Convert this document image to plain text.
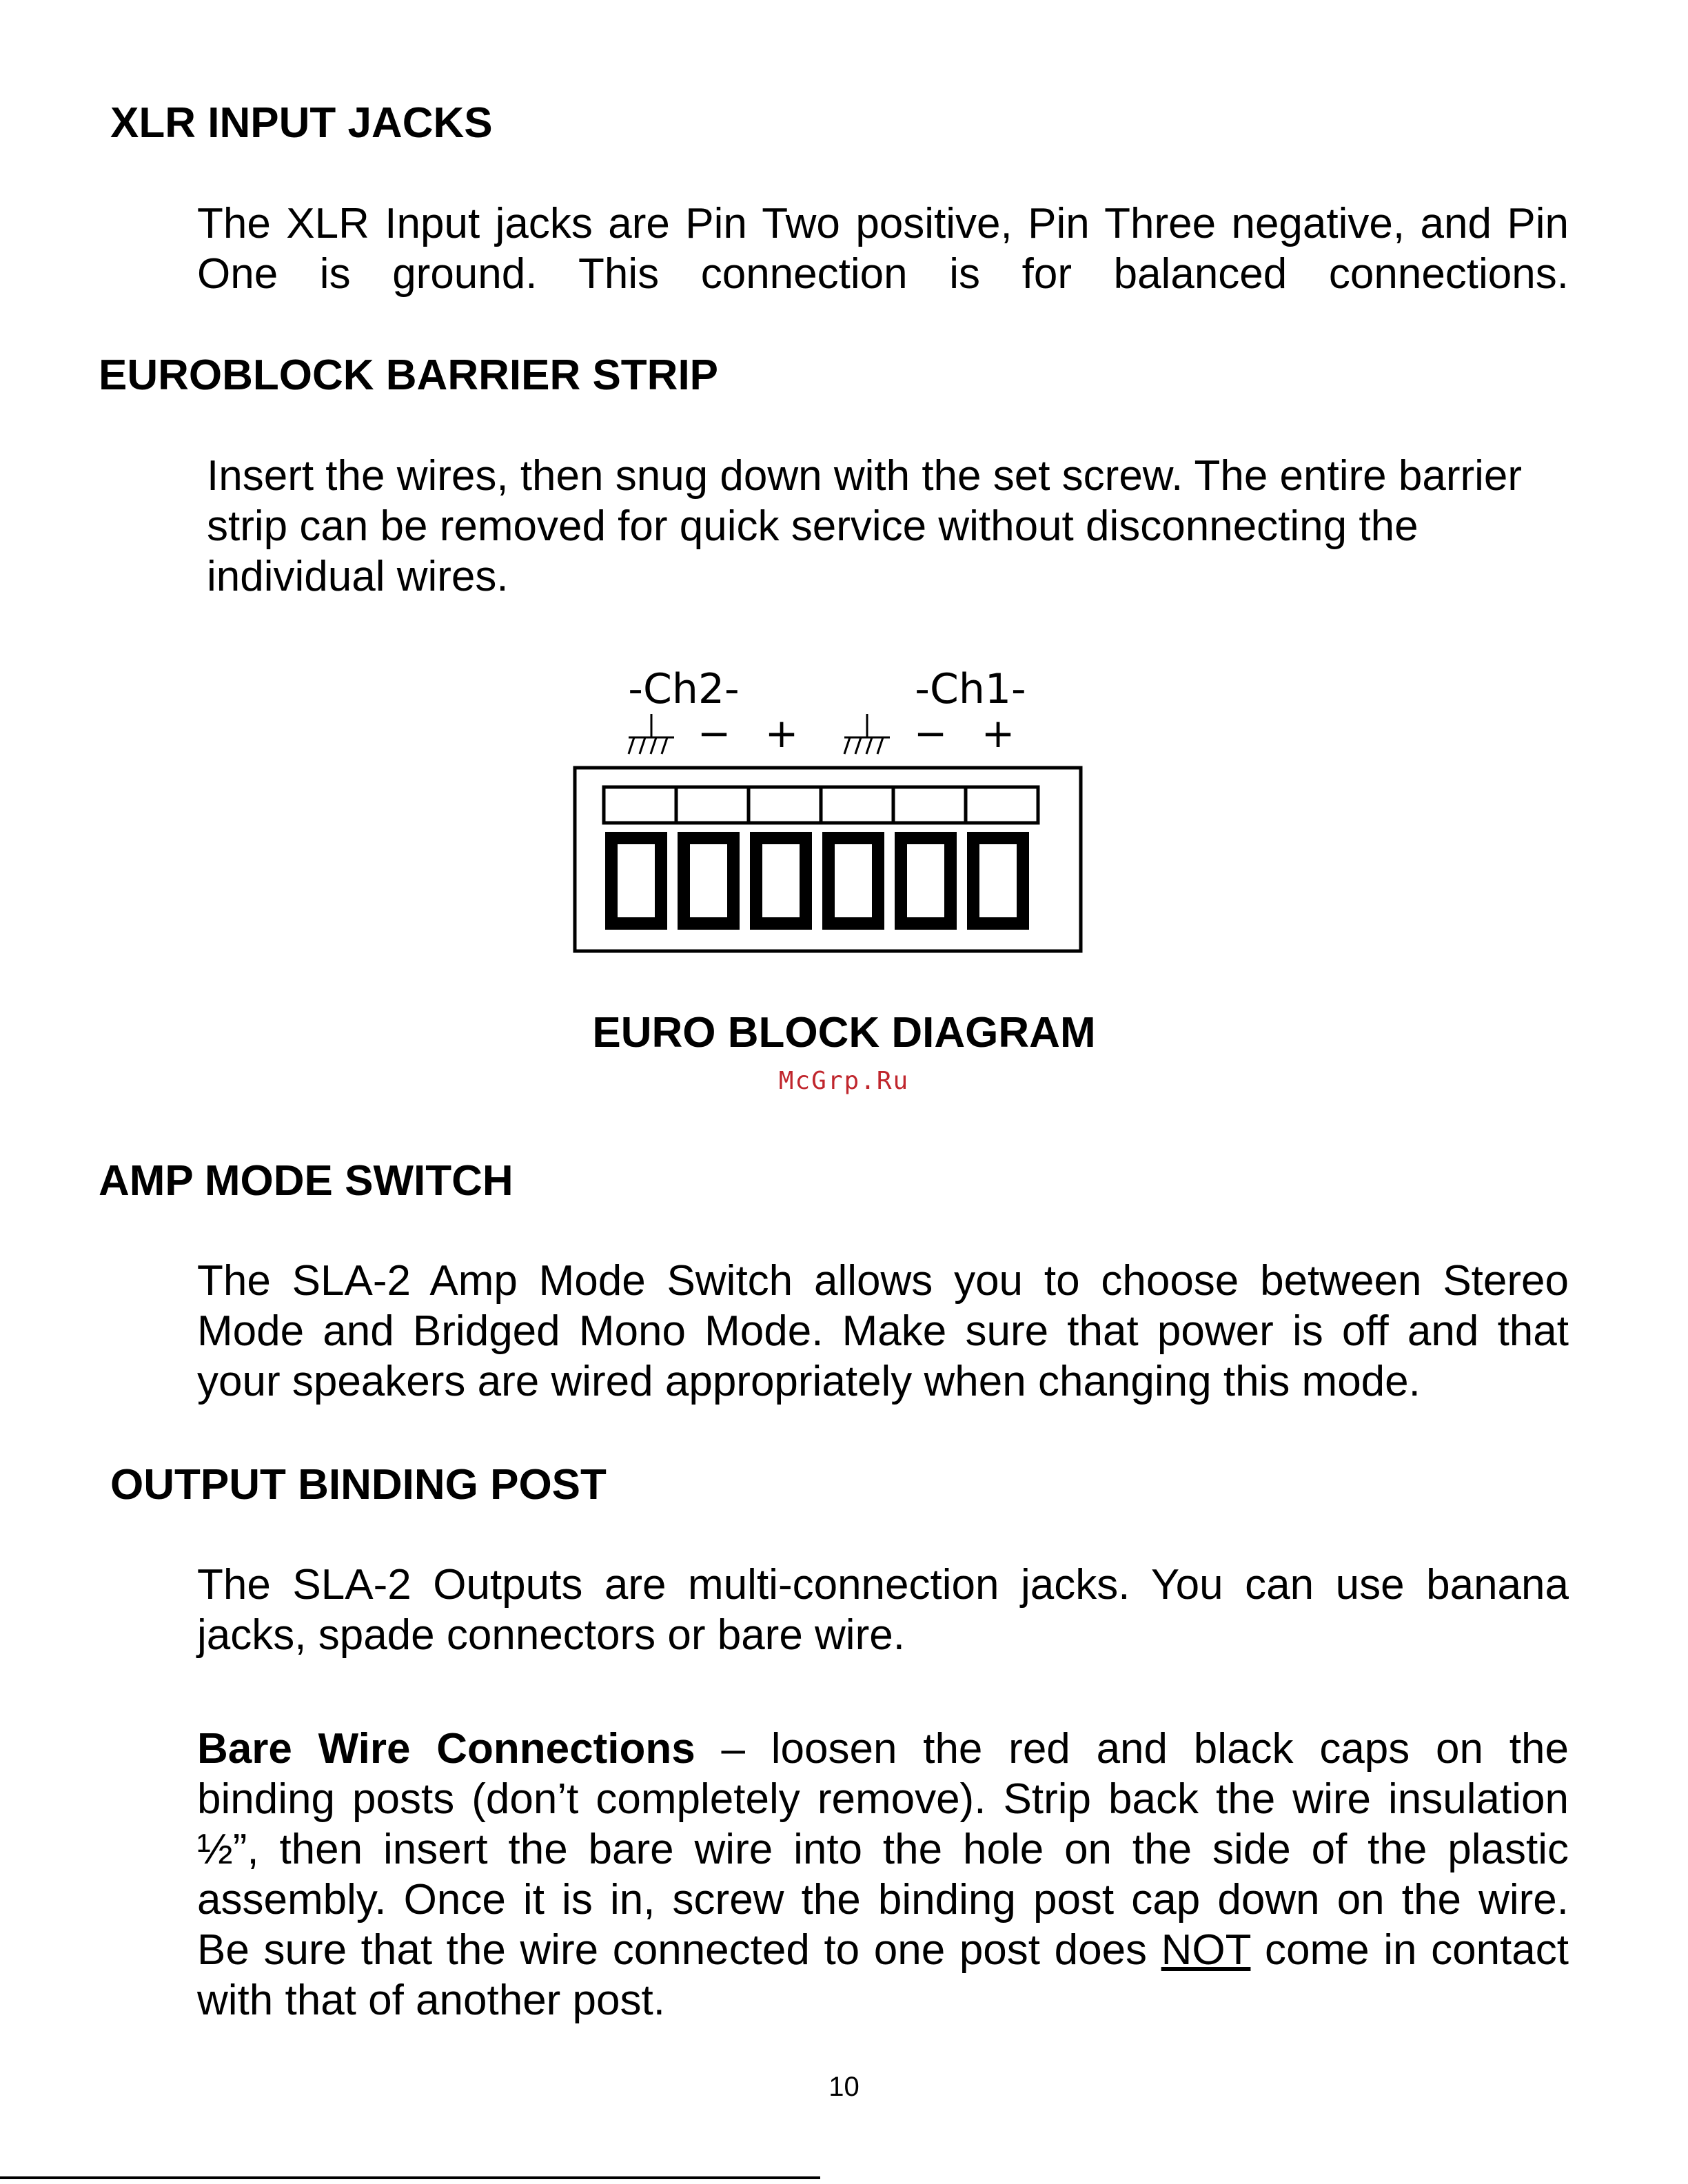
XLR INPUT JACKS
The XLR Input jacks are Pin Two positive, Pin Three negative, and Pin
One is ground. This connection is for balanced connections.
EUROBLOCK BARRIER STRIP
Insert the wires, then snug down with the set screw. The entire barrier
strip can be removed for quick service without disconnecting the
individual wires.
-Ch2-	-Ch1-
− +	− +
EURO BLOCK DIAGRAM
McGrp.Ru
AMP MODE SWITCH
The SLA-2 Amp Mode Switch allows you to choose between Stereo
Mode and Bridged Mono Mode. Make sure that power is off and that
your speakers are wired appropriately when changing this mode.
OUTPUT BINDING POST
The SLA-2 Outputs are multi-connection jacks. You can use banana
jacks, spade connectors or bare wire.
Bare Wire Connections – loosen the red and black caps on the
binding posts (don’t completely remove). Strip back the wire insulation
½”, then insert the bare wire into the hole on the side of the plastic
assembly. Once it is in, screw the binding post cap down on the wire.
Be sure that the wire connected to one post does NOT come in contact
with that of another post.
10
